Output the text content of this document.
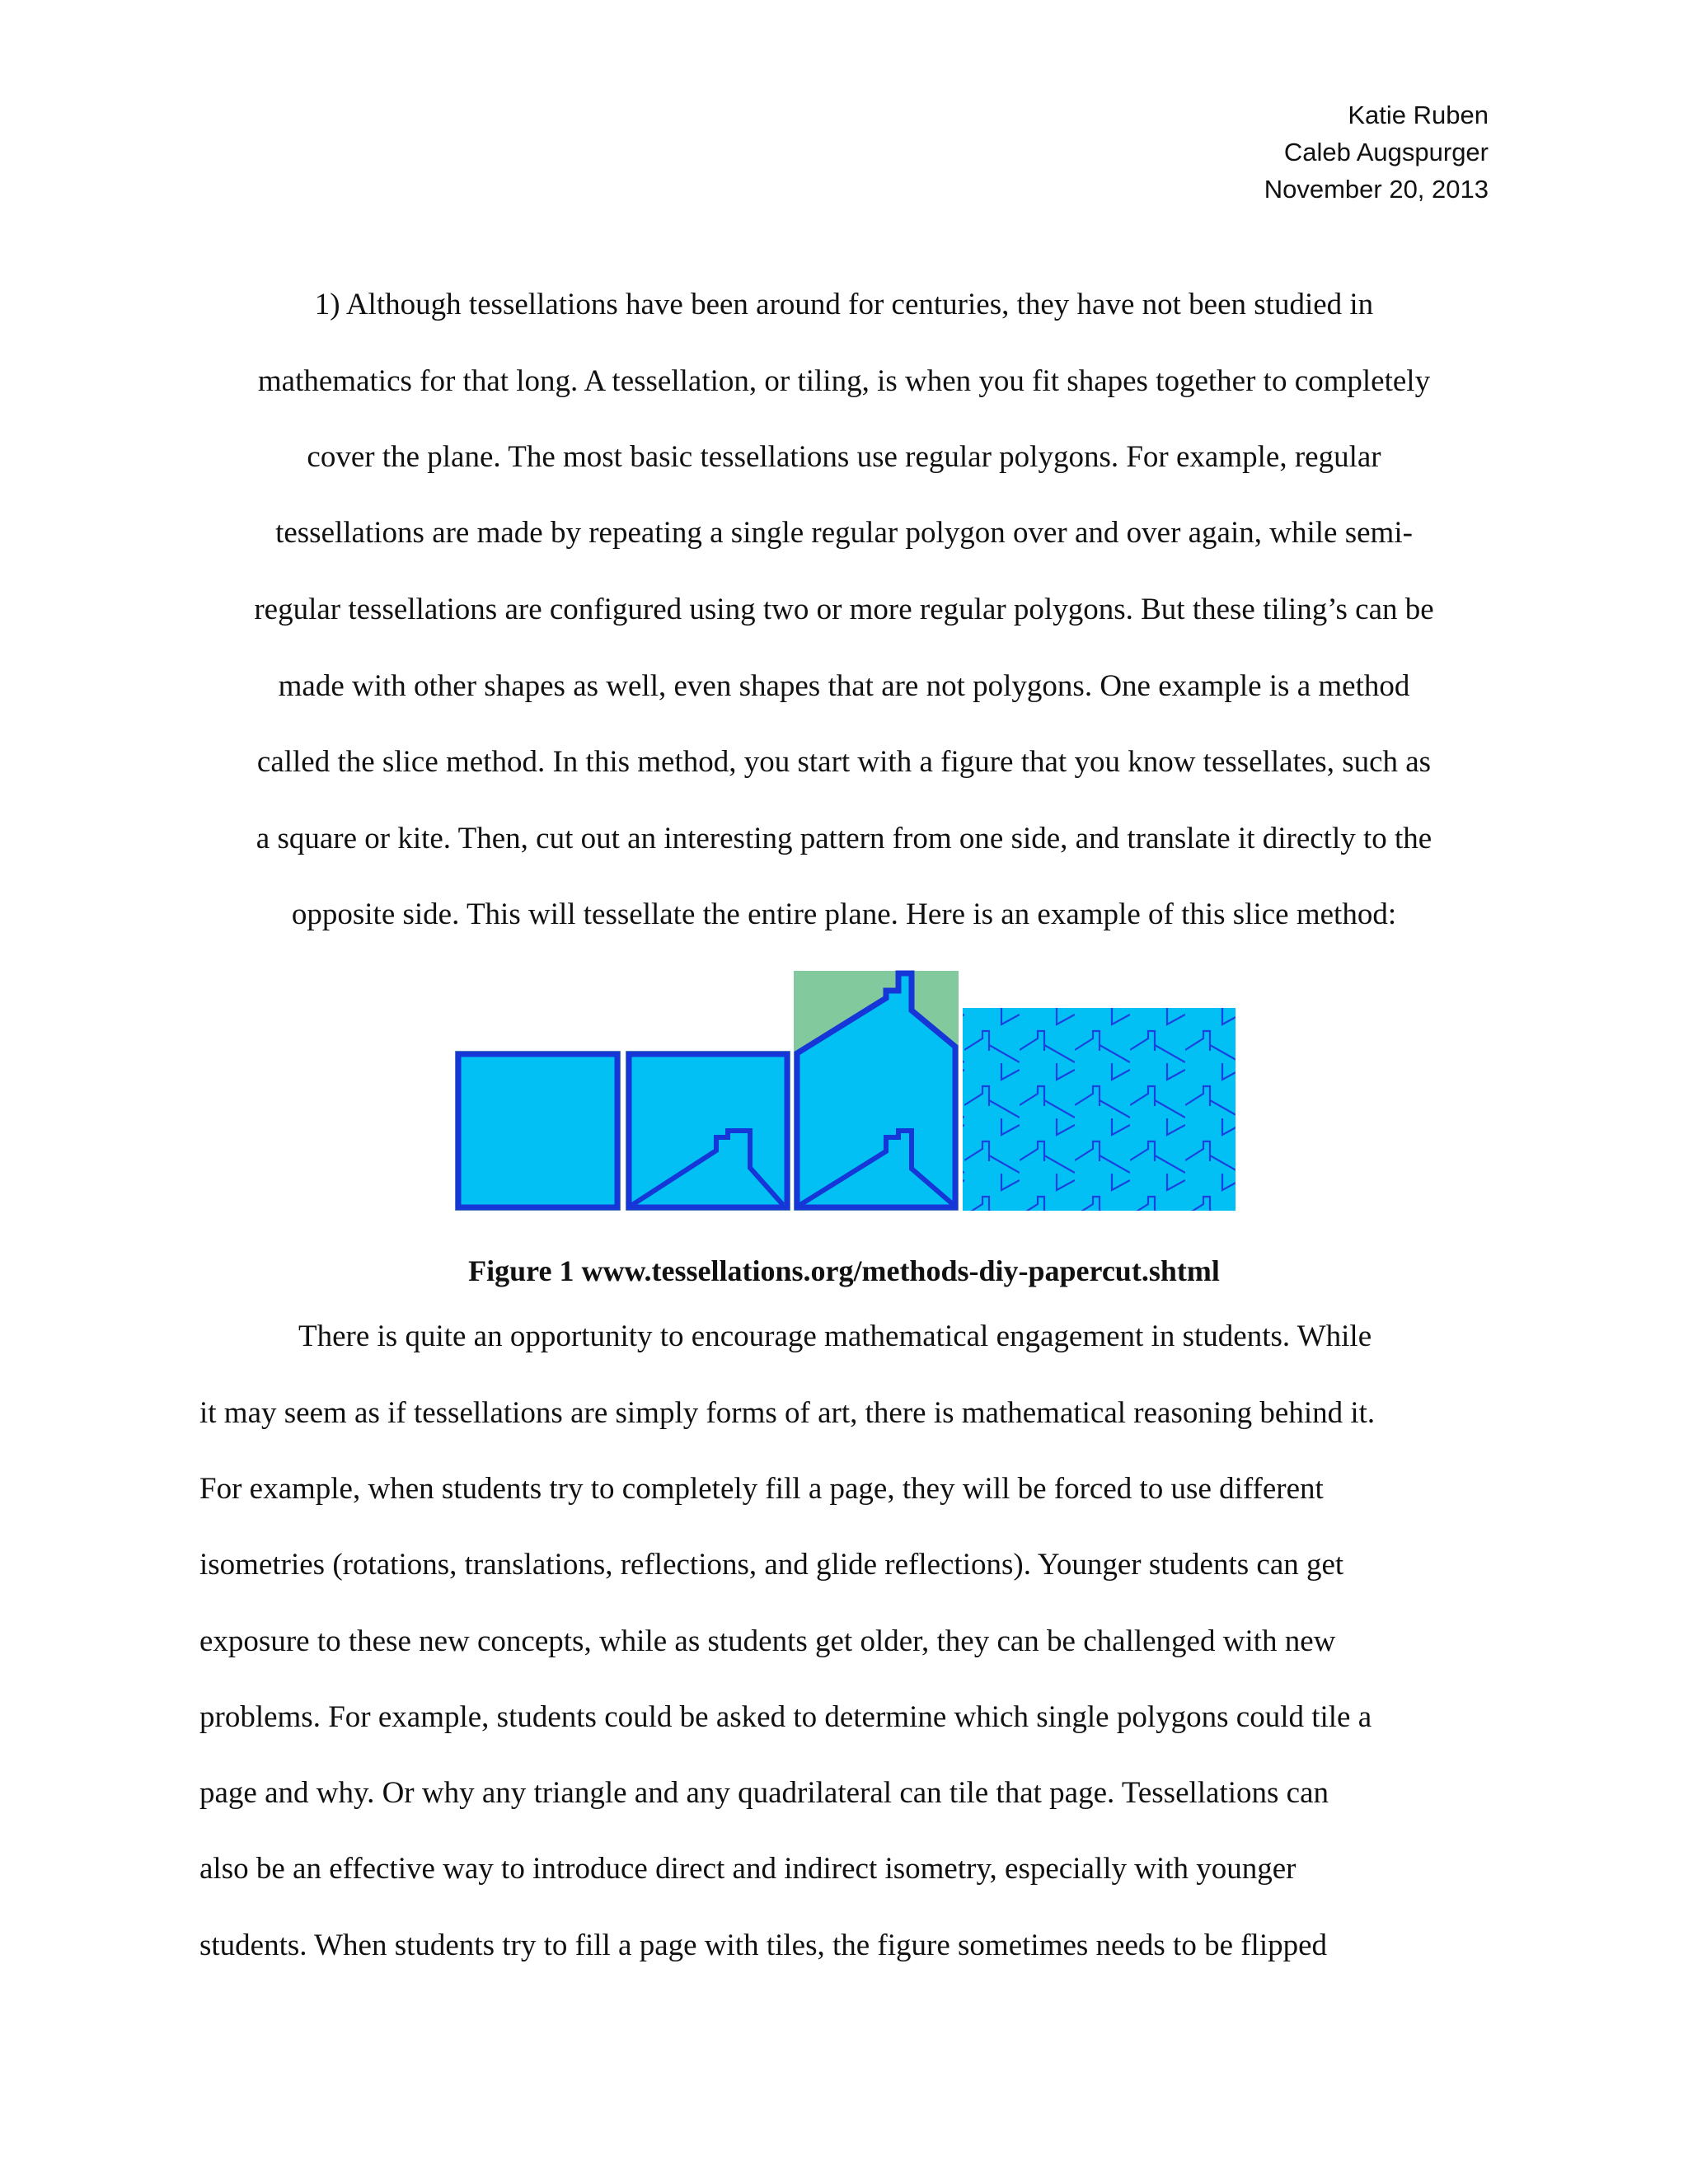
Katie Ruben
Caleb Augspurger
November 20, 2013
1) Although tessellations have been around for centuries, they have not been studied in
mathematics for that long. A tessellation, or tiling, is when you fit shapes together to completely
cover the plane. The most basic tessellations use regular polygons. For example, regular
tessellations are made by repeating a single regular polygon over and over again, while semi-
regular tessellations are configured using two or more regular polygons. But these tiling’s can be
made with other shapes as well, even shapes that are not polygons. One example is a method
called the slice method. In this method, you start with a figure that you know tessellates, such as
a square or kite. Then, cut out an interesting pattern from one side, and translate it directly to the
opposite side. This will tessellate the entire plane. Here is an example of this slice method:
Figure 1 www.tessellations.org/methods-diy-papercut.shtml
There is quite an opportunity to encourage mathematical engagement in students. While
it may seem as if tessellations are simply forms of art, there is mathematical reasoning behind it.
For example, when students try to completely fill a page, they will be forced to use different
isometries (rotations, translations, reflections, and glide reflections). Younger students can get
exposure to these new concepts, while as students get older, they can be challenged with new
problems. For example, students could be asked to determine which single polygons could tile a
page and why. Or why any triangle and any quadrilateral can tile that page. Tessellations can
also be an effective way to introduce direct and indirect isometry, especially with younger
students. When students try to fill a page with tiles, the figure sometimes needs to be flipped
